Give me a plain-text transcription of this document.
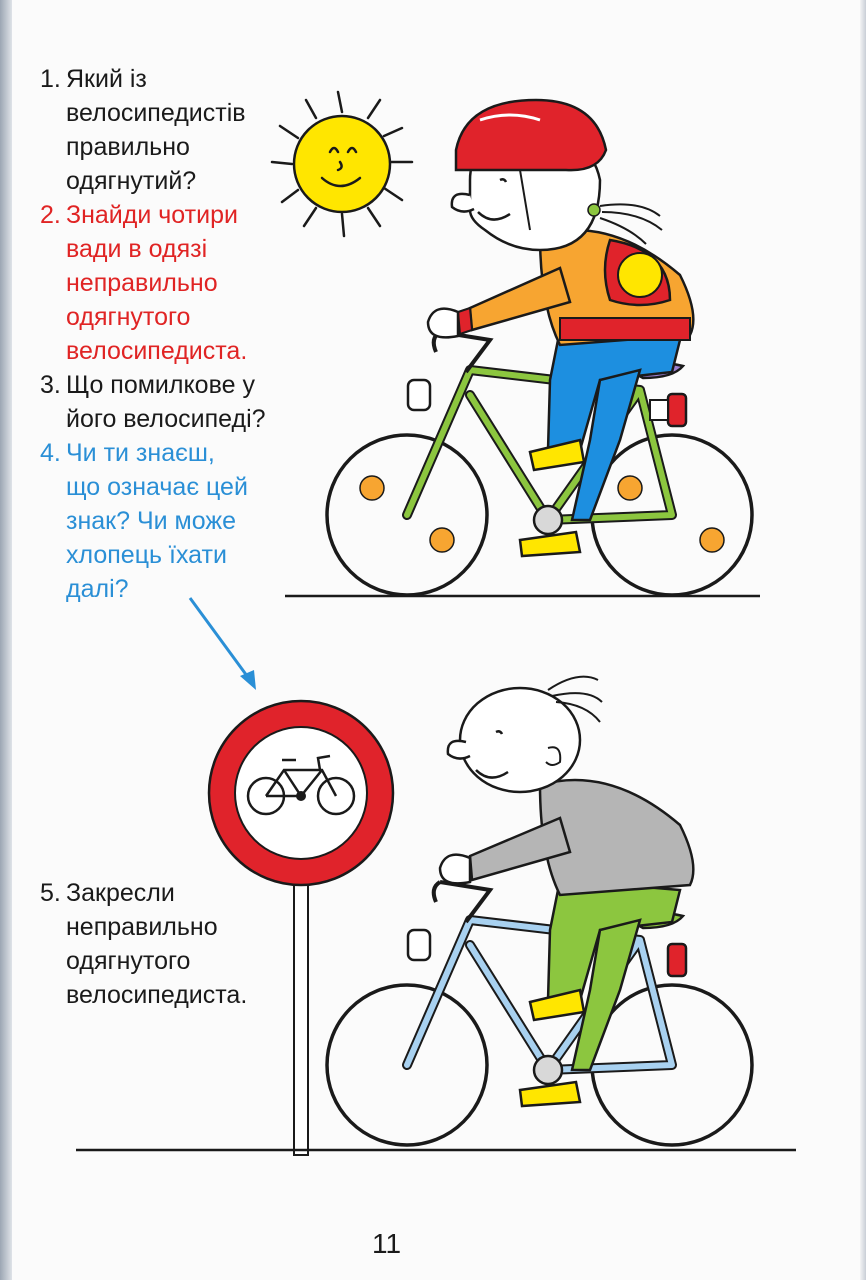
1. Який із
велосипедистів
правильно
одягнутий?
2. Знайди чотири
вади в одязі
неправильно
одягнутого
велосипедиста.
3. Що помилкове у
його велосипеді?
4. Чи ти знаєш,
що означає цей
знак? Чи може
хлопець їхати
далі?
5. Закресли
неправильно
одягнутого
велосипедиста.
11
